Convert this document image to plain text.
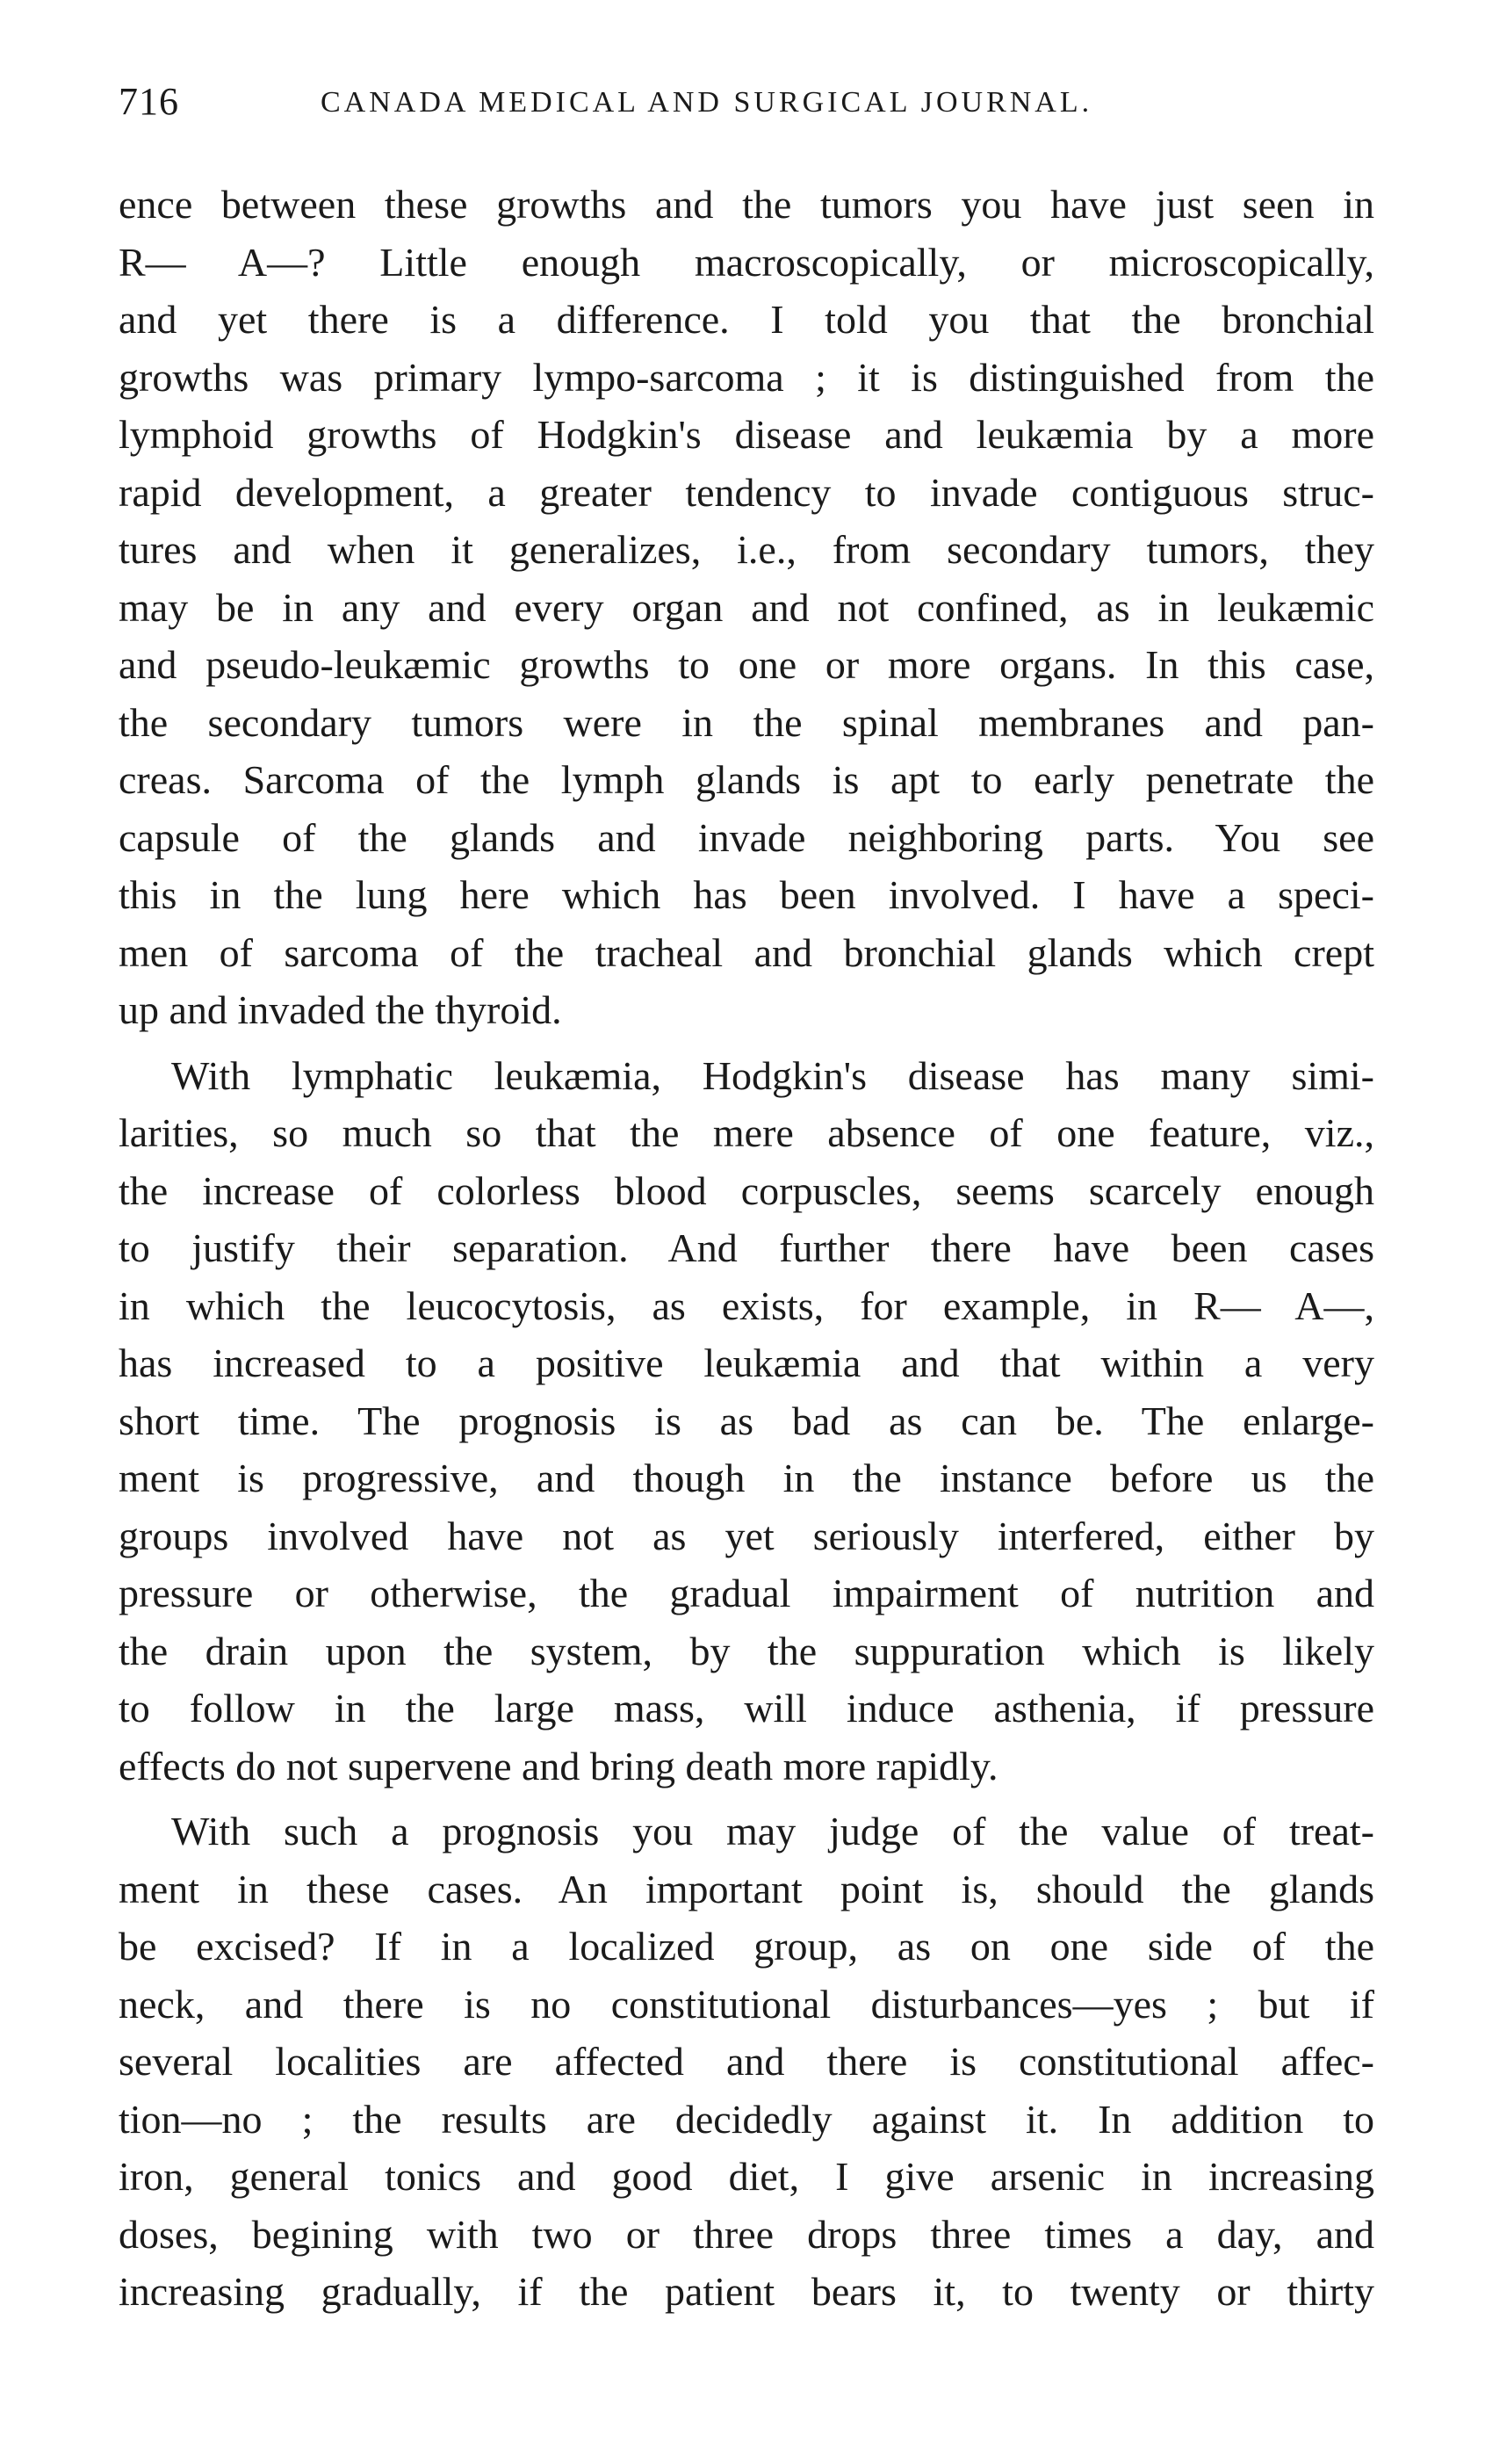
716	CANADA MEDICAL AND SURGICAL JOURNAL.
ence between these growths and the tumors you have just seen in
R— A—? Little enough macroscopically, or microscopically,
and yet there is a difference. I told you that the bronchial
growths was primary lympo-sarcoma ; it is distinguished from the
lymphoid growths of Hodgkin's disease and leukæmia by a more
rapid development, a greater tendency to invade contiguous struc-
tures and when it generalizes, i.e., from secondary tumors, they
may be in any and every organ and not confined, as in leukæmic
and pseudo-leukæmic growths to one or more organs. In this case,
the secondary tumors were in the spinal membranes and pan-
creas. Sarcoma of the lymph glands is apt to early penetrate the
capsule of the glands and invade neighboring parts. You see
this in the lung here which has been involved. I have a speci-
men of sarcoma of the tracheal and bronchial glands which crept
up and invaded the thyroid.
With lymphatic leukæmia, Hodgkin's disease has many simi-
larities, so much so that the mere absence of one feature, viz.,
the increase of colorless blood corpuscles, seems scarcely enough
to justify their separation. And further there have been cases
in which the leucocytosis, as exists, for example, in R— A—,
has increased to a positive leukæmia and that within a very
short time. The prognosis is as bad as can be. The enlarge-
ment is progressive, and though in the instance before us the
groups involved have not as yet seriously interfered, either by
pressure or otherwise, the gradual impairment of nutrition and
the drain upon the system, by the suppuration which is likely
to follow in the large mass, will induce asthenia, if pressure
effects do not supervene and bring death more rapidly.
With such a prognosis you may judge of the value of treat-
ment in these cases. An important point is, should the glands
be excised? If in a localized group, as on one side of the
neck, and there is no constitutional disturbances—yes ; but if
several localities are affected and there is constitutional affec-
tion—no ; the results are decidedly against it. In addition to
iron, general tonics and good diet, I give arsenic in increasing
doses, begining with two or three drops three times a day, and
increasing gradually, if the patient bears it, to twenty or thirty
